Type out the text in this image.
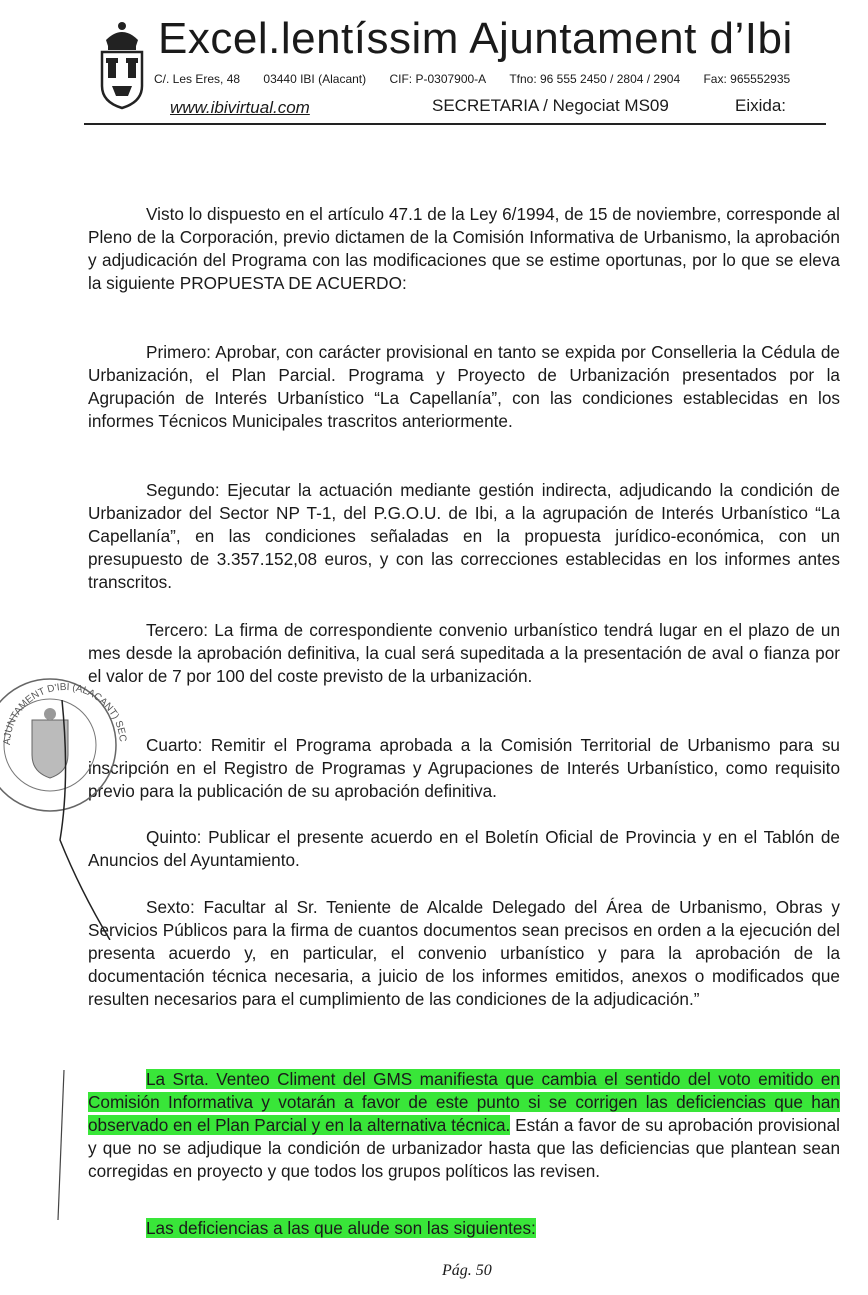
Excel.lentíssim Ajuntament d’Ibi
C/. Les Eres, 48 03440 IBI (Alacant) CIF: P-0307900-A Tfno: 96 555 2450 / 2804 / 2904 Fax: 965552935
www.ibivirtual.com	SECRETARIA / Negociat MS09	Eixida:

Visto lo dispuesto en el artículo 47.1 de la Ley 6/1994, de 15 de noviembre, corresponde al Pleno de la Corporación, previo dictamen de la Comisión Informativa de Urbanismo, la aprobación y adjudicación del Programa con las modificaciones que se estime oportunas, por lo que se eleva la siguiente PROPUESTA DE ACUERDO:

Primero: Aprobar, con carácter provisional en tanto se expida por Conselleria la Cédula de Urbanización, el Plan Parcial. Programa y Proyecto de Urbanización presentados por la Agrupación de Interés Urbanístico “La Capellanía”, con las condiciones establecidas en los informes Técnicos Municipales trascritos anteriormente.

Segundo: Ejecutar la actuación mediante gestión indirecta, adjudicando la condición de Urbanizador del Sector NP T-1, del P.G.O.U. de Ibi, a la agrupación de Interés Urbanístico “La Capellanía”, en las condiciones señaladas en la propuesta jurídico-económica, con un presupuesto de 3.357.152,08 euros, y con las correcciones establecidas en los informes antes transcritos.

Tercero: La firma de correspondiente convenio urbanístico tendrá lugar en el plazo de un mes desde la aprobación definitiva, la cual será supeditada a la presentación de aval o fianza por el valor de 7 por 100 del coste previsto de la urbanización.

Cuarto: Remitir el Programa aprobada a la Comisión Territorial de Urbanismo para su inscripción en el Registro de Programas y Agrupaciones de Interés Urbanístico, como requisito previo para la publicación de su aprobación definitiva.

Quinto: Publicar el presente acuerdo en el Boletín Oficial de Provincia y en el Tablón de Anuncios del Ayuntamiento.

Sexto: Facultar al Sr. Teniente de Alcalde Delegado del Área de Urbanismo, Obras y Servicios Públicos para la firma de cuantos documentos sean precisos en orden a la ejecución del presenta acuerdo y, en particular, el convenio urbanístico y para la aprobación de la documentación técnica necesaria, a juicio de los informes emitidos, anexos o modificados que resulten necesarios para el cumplimiento de las condiciones de la adjudicación.”

La Srta. Venteo Climent del GMS manifiesta que cambia el sentido del voto emitido en Comisión Informativa y votarán a favor de este punto si se corrigen las deficiencias que han observado en el Plan Parcial y en la alternativa técnica. Están a favor de su aprobación provisional y que no se adjudique la condición de urbanizador hasta que las deficiencias que plantean sean corregidas en proyecto y que todos los grupos políticos las revisen.

Las deficiencias a las que alude son las siguientes:

AJUNTAMENT D'IBI (ALACANT) SEC
Pág. 50
